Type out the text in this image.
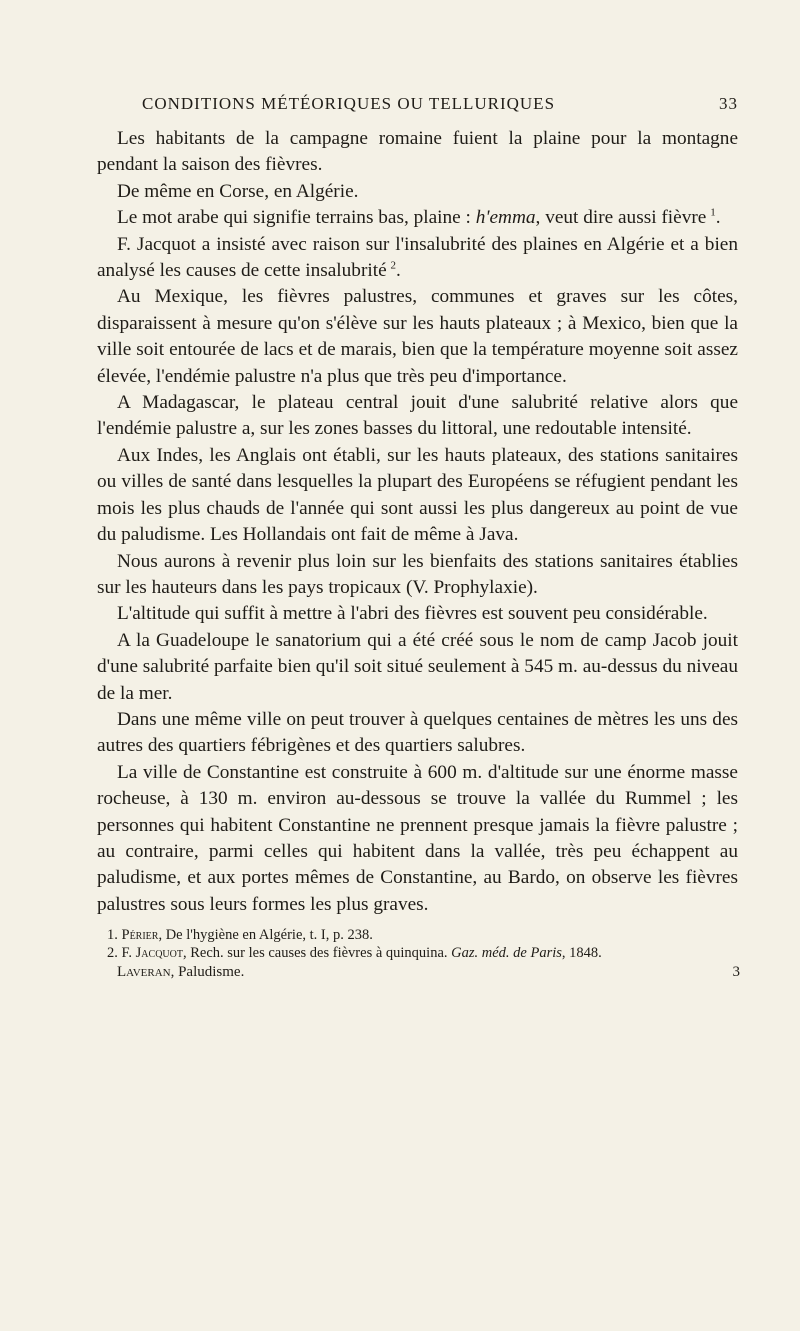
CONDITIONS MÉTÉORIQUES OU TELLURIQUES	33

Les habitants de la campagne romaine fuient la plaine pour la montagne pendant la saison des fièvres.

De même en Corse, en Algérie.

Le mot arabe qui signifie terrains bas, plaine : h'emma, veut dire aussi fièvre  $^1$.

F. Jacquot a insisté avec raison sur l'insalubrité des plaines en Algérie et a bien analysé les causes de cette insalubrité  $^2$.

Au Mexique, les fièvres palustres, communes et graves sur les côtes, disparaissent à mesure qu'on s'élève sur les hauts plateaux ; à Mexico, bien que la ville soit entourée de lacs et de marais, bien que la température moyenne soit assez élevée, l'endémie palustre n'a plus que très peu d'importance.

A Madagascar, le plateau central jouit d'une salubrité relative alors que l'endémie palustre a, sur les zones basses du littoral, une redoutable intensité.

Aux Indes, les Anglais ont établi, sur les hauts plateaux, des stations sanitaires ou villes de santé dans lesquelles la plupart des Européens se réfugient pendant les mois les plus chauds de l'année qui sont aussi les plus dangereux au point de vue du paludisme. Les Hollandais ont fait de même à Java.

Nous aurons à revenir plus loin sur les bienfaits des stations sanitaires établies sur les hauteurs dans les pays tropicaux (V. Prophylaxie).

L'altitude qui suffit à mettre à l'abri des fièvres est souvent peu considérable.

A la Guadeloupe le sanatorium qui a été créé sous le nom de camp Jacob jouit d'une salubrité parfaite bien qu'il soit situé seulement à 545 m. au-dessus du niveau de la mer.

Dans une même ville on peut trouver à quelques centaines de mètres les uns des autres des quartiers fébrigènes et des quartiers salubres.

La ville de Constantine est construite à 600 m. d'altitude sur une énorme masse rocheuse, à 130 m. environ au-dessous se trouve la vallée du Rummel ; les personnes qui habitent Constantine ne prennent presque jamais la fièvre palustre ; au contraire, parmi celles qui habitent dans la vallée, très peu échappent au paludisme, et aux portes mêmes de Constantine, au Bardo, on observe les fièvres palustres sous leurs formes les plus graves.

1. Périer, De l'hygiène en Algérie, t. I, p. 238.

2. F. Jacquot, Rech. sur les causes des fièvres à quinquina. Gaz. méd. de Paris, 1848.

Laveran, Paludisme.	3
